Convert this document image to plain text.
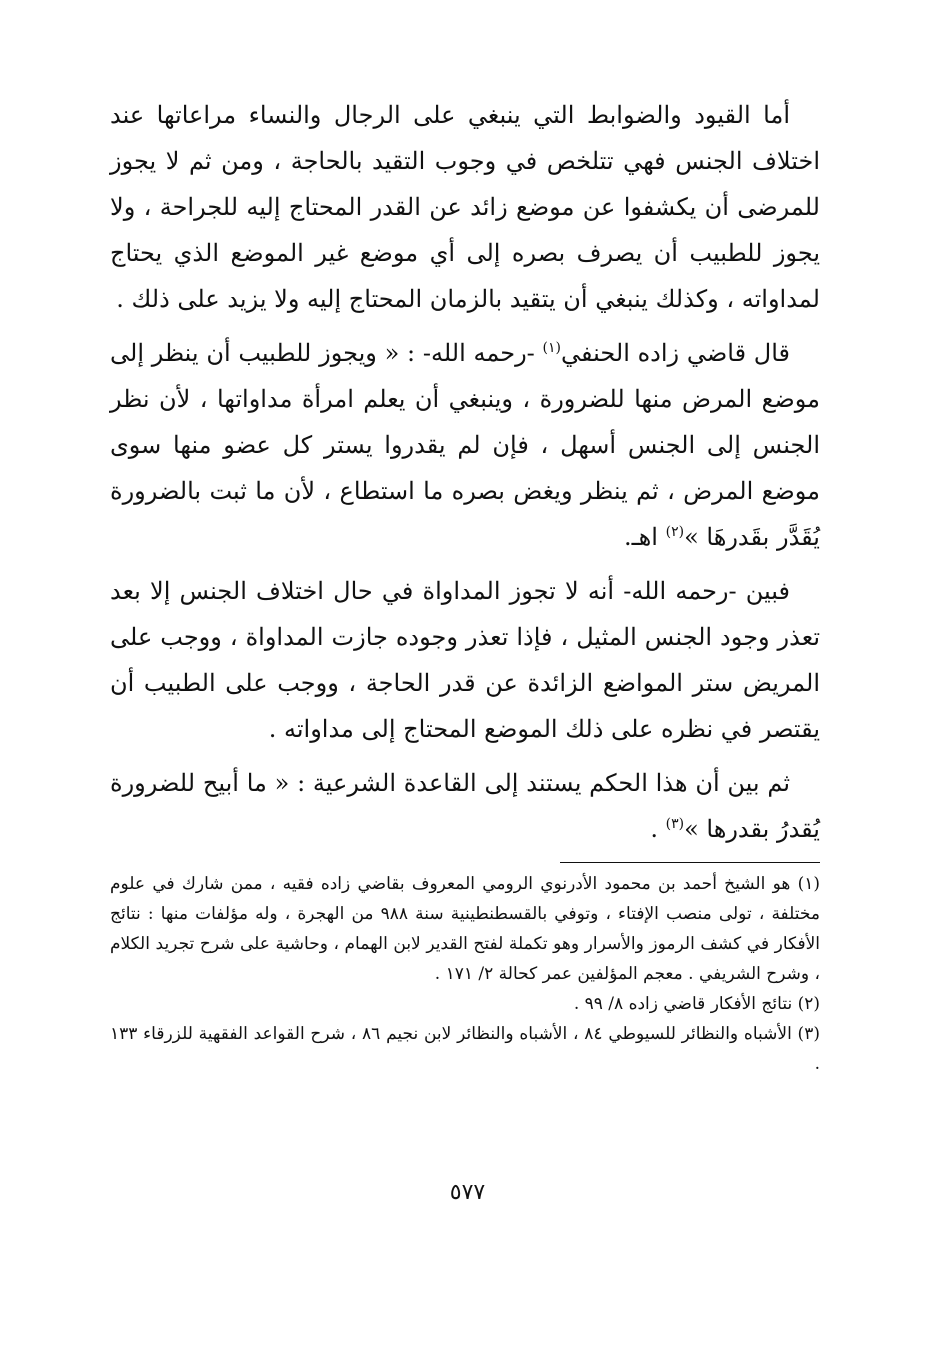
أما القيود والضوابط التي ينبغي على الرجال والنساء مراعاتها عند اختلاف الجنس فهي تتلخص في وجوب التقيد بالحاجة ، ومن ثم لا يجوز للمرضى أن يكشفوا عن موضع زائد عن القدر المحتاج إليه للجراحة ، ولا يجوز للطبيب أن يصرف بصره إلى أي موضع غير الموضع الذي يحتاج لمداواته ، وكذلك ينبغي أن يتقيد بالزمان المحتاج إليه ولا يزيد على ذلك .

قال قاضي زاده الحنفي$^{(١)}$ -رحمه الله- : « ويجوز للطبيب أن ينظر إلى موضع المرض منها للضرورة ، وينبغي أن يعلم امرأة مداواتها ، لأن نظر الجنس إلى الجنس أسهل ، فإن لم يقدروا يستر كل عضو منها سوى موضع المرض ، ثم ينظر ويغض بصره ما استطاع ، لأن ما ثبت بالضرورة يُقَدَّر بقَدرهَا »$^{(٢)}$ اهـ.

فبين -رحمه الله- أنه لا تجوز المداواة في حال اختلاف الجنس إلا بعد تعذر وجود الجنس المثيل ، فإذا تعذر وجوده جازت المداواة ، ووجب على المريض ستر المواضع الزائدة عن قدر الحاجة ، ووجب على الطبيب أن يقتصر في نظره على ذلك الموضع المحتاج إلى مداواته .

ثم بين أن هذا الحكم يستند إلى القاعدة الشرعية : « ما أبيح للضرورة يُقدرُ بقدرها »$^{(٣)}$ .

(١) هو الشيخ أحمد بن محمود الأدرنوي الرومي المعروف بقاضي زاده فقيه ، ممن شارك في علوم مختلفة ، تولى منصب الإفتاء ، وتوفي بالقسطنطينية سنة ٩٨٨ من الهجرة ، وله مؤلفات منها : نتائج الأفكار في كشف الرموز والأسرار وهو تكملة لفتح القدير لابن الهمام ، وحاشية على شرح تجريد الكلام ، وشرح الشريفي . معجم المؤلفين عمر كحالة ٢/ ١٧١ .

(٢) نتائج الأفكار قاضي زاده ٨/ ٩٩ .

(٣) الأشباه والنظائر للسيوطي ٨٤ ، الأشباه والنظائر لابن نجيم ٨٦ ، شرح القواعد الفقهية للزرقاء ١٣٣ .

٥٧٧
